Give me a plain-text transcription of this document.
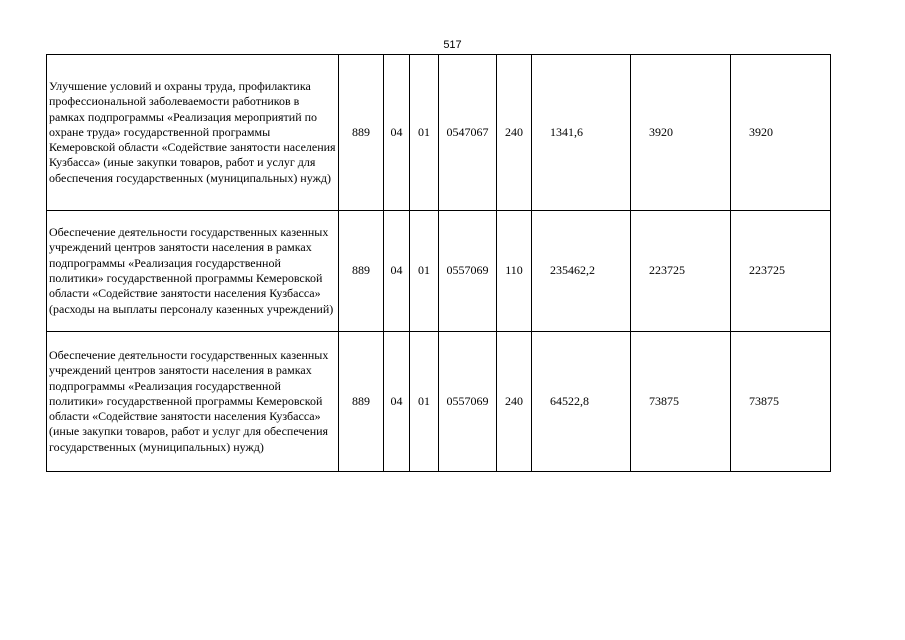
517
Улучшение условий и охраны труда, профилактика профессиональной заболеваемости работников в рамках подпрограммы «Реализация мероприятий по охране труда» государственной программы Кемеровской области «Содействие занятости населения Кузбасса» (иные закупки товаров, работ и услуг для обеспечения государственных (муниципальных) нужд)	889	04	01	0547067	240	1341,6	3920	3920
Обеспечение деятельности государственных казенных учреждений центров занятости населения в рамках подпрограммы «Реализация государственной политики» государственной программы Кемеровской области «Содействие занятости населения Кузбасса» (расходы на выплаты персоналу казенных учреждений)	889	04	01	0557069	110	235462,2	223725	223725
Обеспечение деятельности государственных казенных учреждений центров занятости населения в рамках подпрограммы «Реализация государственной политики» государственной программы Кемеровской области «Содействие занятости населения Кузбасса» (иные закупки товаров, работ и услуг для обеспечения государственных (муниципальных) нужд)	889	04	01	0557069	240	64522,8	73875	73875
